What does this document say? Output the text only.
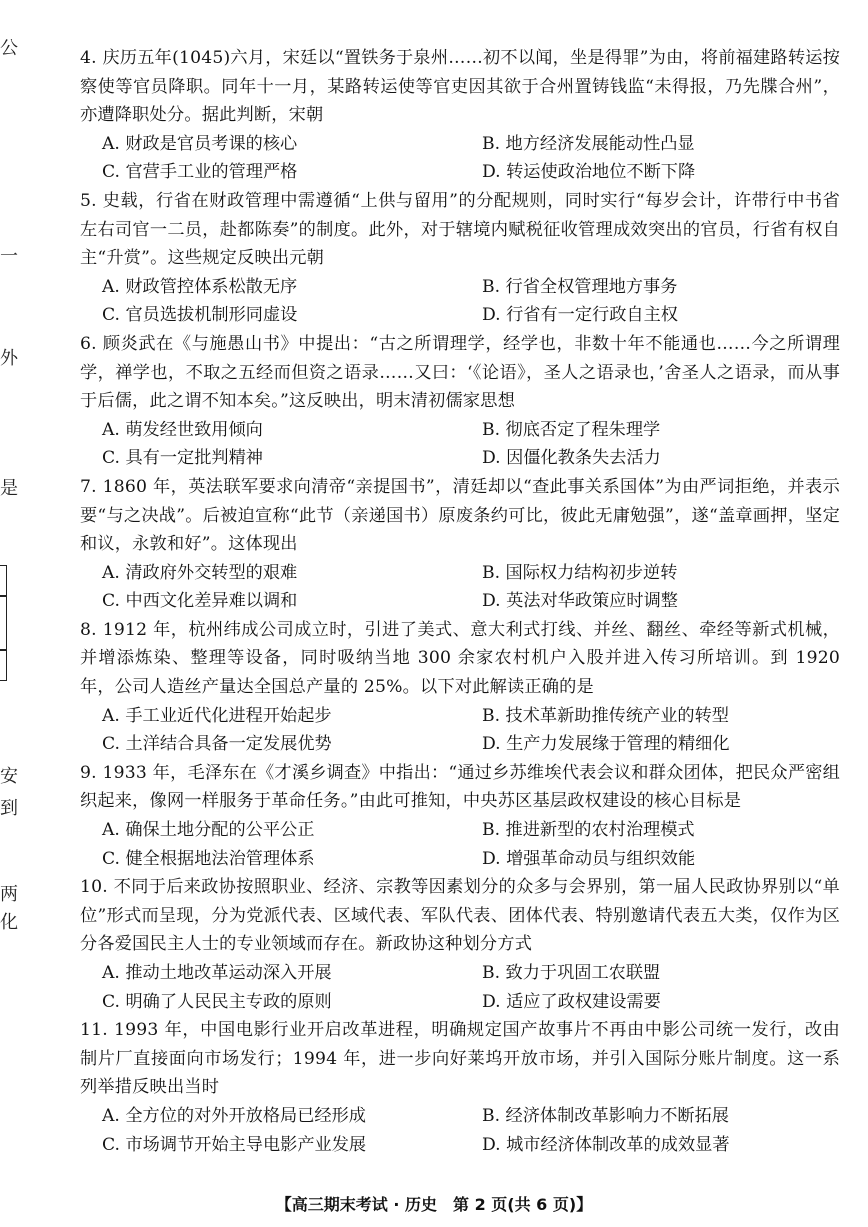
公
一
外
是
安
到
两
化
4. 庆历五年(1045)六月，宋廷以“置铁务于泉州……初不以闻，坐是得罪”为由，将前福建路转运按察使等官员降职。同年十一月，某路转运使等官吏因其欲于合州置铸钱监“未得报，乃先牒合州”，亦遭降职处分。据此判断，宋朝
A. 财政是官员考课的核心	B. 地方经济发展能动性凸显
C. 官营手工业的管理严格	D. 转运使政治地位不断下降
5. 史载，行省在财政管理中需遵循“上供与留用”的分配规则，同时实行“每岁会计，许带行中书省左右司官一二员，赴都陈奏”的制度。此外，对于辖境内赋税征收管理成效突出的官员，行省有权自主“升赏”。这些规定反映出元朝
A. 财政管控体系松散无序	B. 行省全权管理地方事务
C. 官员选拔机制形同虚设	D. 行省有一定行政自主权
6. 顾炎武在《与施愚山书》中提出：“古之所谓理学，经学也，非数十年不能通也……今之所谓理学，禅学也，不取之五经而但资之语录……又曰：‘《论语》，圣人之语录也，’舍圣人之语录，而从事于后儒，此之谓不知本矣。”这反映出，明末清初儒家思想
A. 萌发经世致用倾向	B. 彻底否定了程朱理学
C. 具有一定批判精神	D. 因僵化教条失去活力
7. 1860 年，英法联军要求向清帝“亲提国书”，清廷却以“查此事关系国体”为由严词拒绝，并表示要“与之决战”。后被迫宣称“此节（亲递国书）原废条约可比，彼此无庸勉强”，遂“盖章画押，坚定和议，永敦和好”。这体现出
A. 清政府外交转型的艰难	B. 国际权力结构初步逆转
C. 中西文化差异难以调和	D. 英法对华政策应时调整
8. 1912 年，杭州纬成公司成立时，引进了美式、意大利式打线、并丝、翻丝、牵经等新式机械，并增添炼染、整理等设备，同时吸纳当地 300 余家农村机户入股并进入传习所培训。到 1920 年，公司人造丝产量达全国总产量的 25%。以下对此解读正确的是
A. 手工业近代化进程开始起步	B. 技术革新助推传统产业的转型
C. 土洋结合具备一定发展优势	D. 生产力发展缘于管理的精细化
9. 1933 年，毛泽东在《才溪乡调查》中指出：“通过乡苏维埃代表会议和群众团体，把民众严密组织起来，像网一样服务于革命任务。”由此可推知，中央苏区基层政权建设的核心目标是
A. 确保土地分配的公平公正	B. 推进新型的农村治理模式
C. 健全根据地法治管理体系	D. 增强革命动员与组织效能
10. 不同于后来政协按照职业、经济、宗教等因素划分的众多与会界别，第一届人民政协界别以“单位”形式而呈现，分为党派代表、区域代表、军队代表、团体代表、特别邀请代表五大类，仅作为区分各爱国民主人士的专业领域而存在。新政协这种划分方式
A. 推动土地改革运动深入开展	B. 致力于巩固工农联盟
C. 明确了人民民主专政的原则	D. 适应了政权建设需要
11. 1993 年，中国电影行业开启改革进程，明确规定国产故事片不再由中影公司统一发行，改由制片厂直接面向市场发行；1994 年，进一步向好莱坞开放市场，并引入国际分账片制度。这一系列举措反映出当时
A. 全方位的对外开放格局已经形成	B. 经济体制改革影响力不断拓展
C. 市场调节开始主导电影产业发展	D. 城市经济体制改革的成效显著
【高三期末考试 · 历史　第 2 页(共 6 页)】
